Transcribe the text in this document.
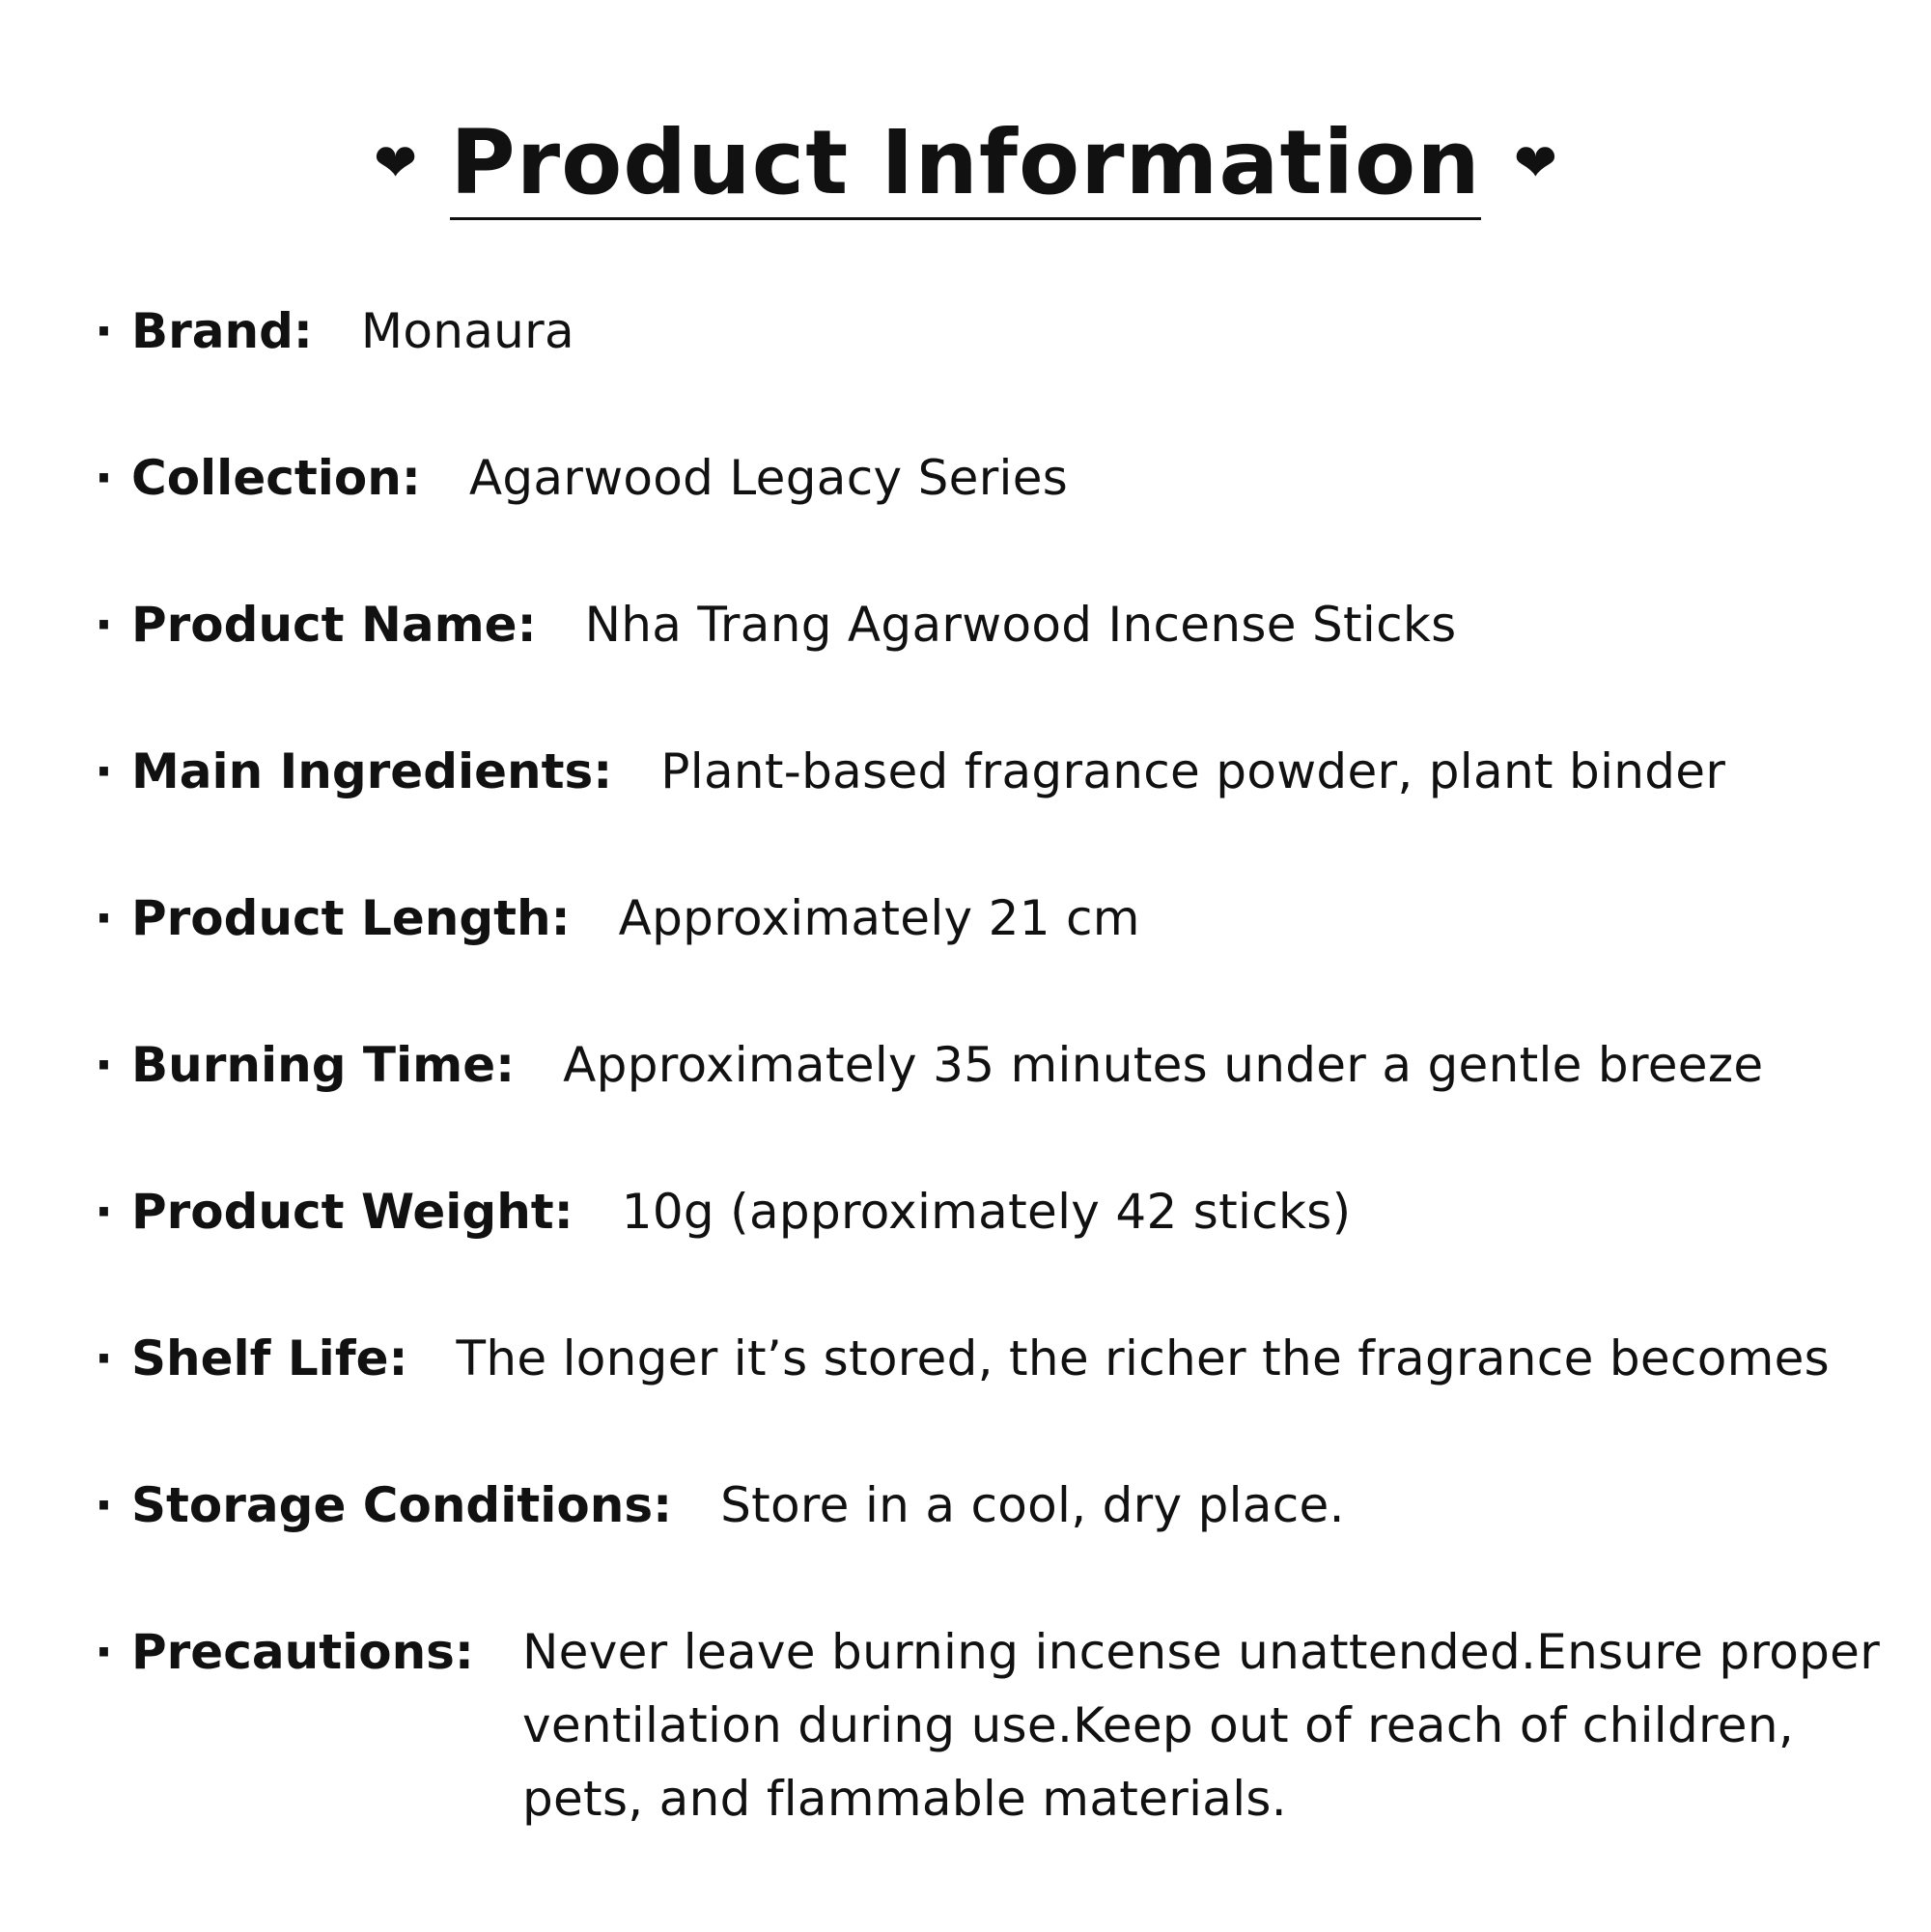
❤ Product Information ❤
· Brand: Monaura
· Collection: Agarwood Legacy Series
· Product Name: Nha Trang Agarwood Incense Sticks
· Main Ingredients: Plant-based fragrance powder, plant binder
· Product Length: Approximately 21 cm
· Burning Time: Approximately 35 minutes under a gentle breeze
· Product Weight: 10g (approximately 42 sticks)
· Shelf Life: The longer it’s stored, the richer the fragrance becomes
· Storage Conditions: Store in a cool, dry place.
· Precautions: Never leave burning incense unattended.Ensure proper ventilation during use.Keep out of reach of children, pets, and flammable materials.
